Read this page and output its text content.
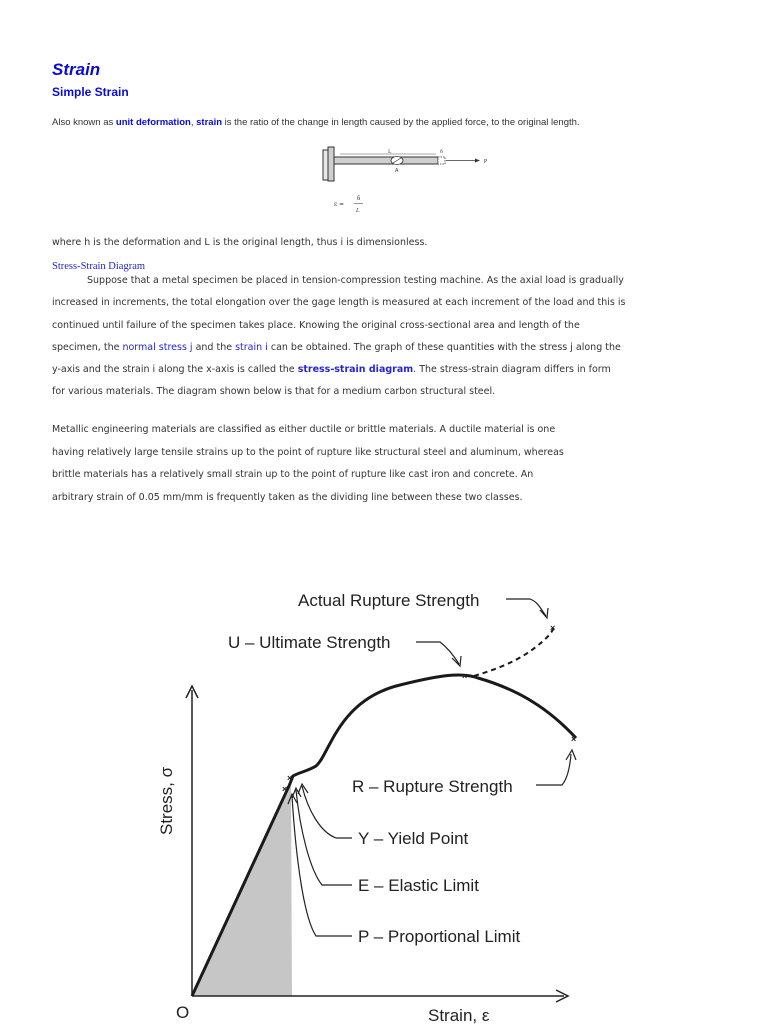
Strain
Simple Strain
Also known as unit deformation, strain is the ratio of the change in length caused by the applied force, to the original length.
L	δ
A
P
ε =
δ
L
where h is the deformation and L is the original length, thus i is dimensionless.
Stress-Strain Diagram
Suppose that a metal specimen be placed in tension-compression testing machine. As the axial load is gradually
increased in increments, the total elongation over the gage length is measured at each increment of the load and this is
continued until failure of the specimen takes place. Knowing the original cross-sectional area and length of the
specimen, the normal stress j and the strain i can be obtained. The graph of these quantities with the stress j along the
y-axis and the strain i along the x-axis is called the stress-strain diagram. The stress-strain diagram differs in form
for various materials. The diagram shown below is that for a medium carbon structural steel.
Metallic engineering materials are classified as either ductile or brittle materials. A ductile material is one
having relatively large tensile strains up to the point of rupture like structural steel and aluminum, whereas
brittle materials has a relatively small strain up to the point of rupture like cast iron and concrete. An
arbitrary strain of 0.05 mm/mm is frequently taken as the dividing line between these two classes.
×
×
×
×
×
Actual Rupture Strength
U – Ultimate Strength
R – Rupture Strength
Y – Yield Point
E – Elastic Limit
P – Proportional Limit
Stress, σ
Strain, ε
O
